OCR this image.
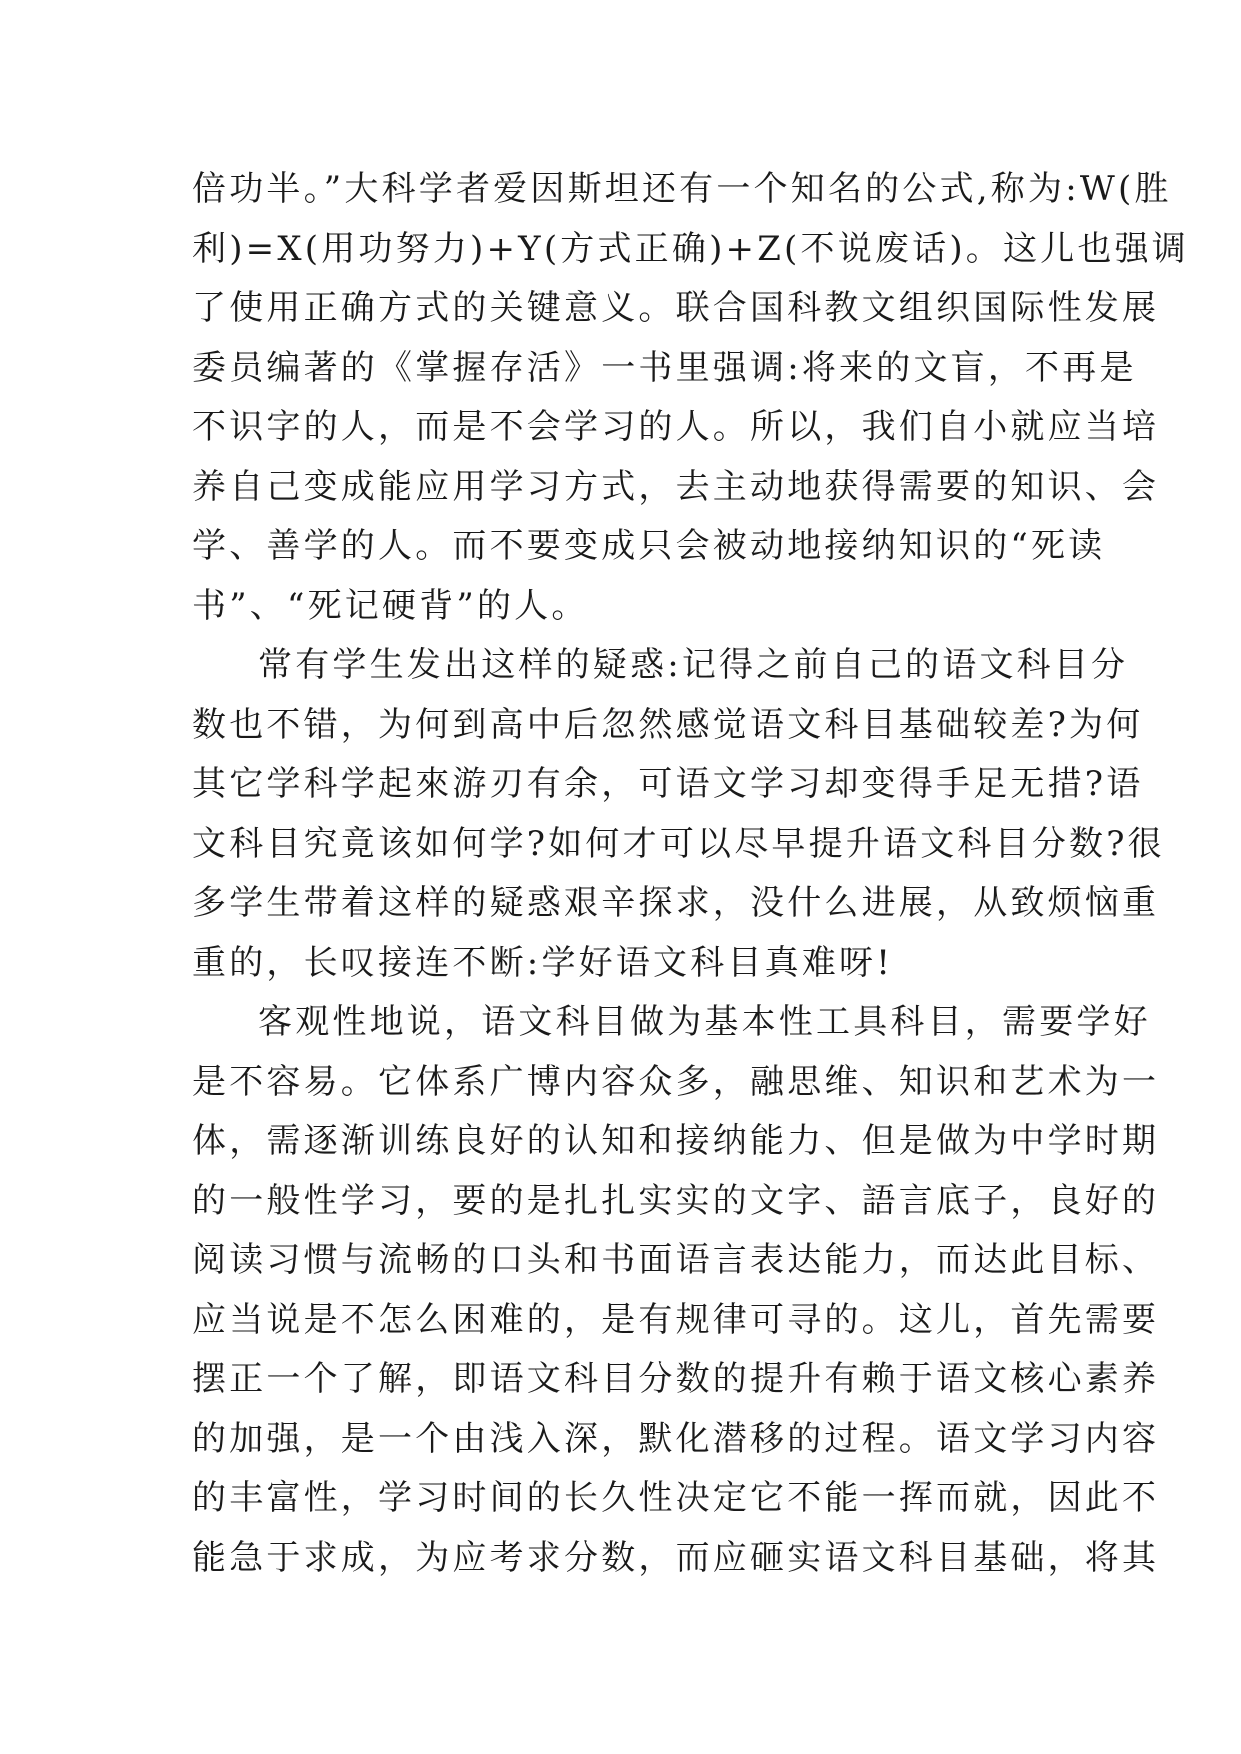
倍功半。”大科学者爱因斯坦还有一个知名的公式,称为:W(胜
利)=X(用功努力)+Y(方式正确)+Z(不说废话)。这儿也强调
了使用正确方式的关键意义。联合国科教文组织国际性发展
委员编著的《掌握存活》一书里强调:将来的文盲，不再是
不识字的人，而是不会学习的人。所以，我们自小就应当培
养自己变成能应用学习方式，去主动地获得需要的知识、会
学、善学的人。而不要变成只会被动地接纳知识的“死读
书”、“死记硬背”的人。
常有学生发出这样的疑惑:记得之前自己的语文科目分
数也不错，为何到高中后忽然感觉语文科目基础较差?为何
其它学科学起來游刃有余，可语文学习却变得手足无措?语
文科目究竟该如何学?如何才可以尽早提升语文科目分数?很
多学生带着这样的疑惑艰辛探求，没什么进展，从致烦恼重
重的，长叹接连不断:学好语文科目真难呀!
客观性地说，语文科目做为基本性工具科目，需要学好
是不容易。它体系广博内容众多，融思维、知识和艺术为一
体，需逐渐训练良好的认知和接纳能力、但是做为中学时期
的一般性学习，要的是扎扎实实的文字、語言底子，良好的
阅读习惯与流畅的口头和书面语言表达能力，而达此目标、
应当说是不怎么困难的，是有规律可寻的。这儿，首先需要
摆正一个了解，即语文科目分数的提升有赖于语文核心素养
的加强，是一个由浅入深，默化潜移的过程。语文学习内容
的丰富性，学习时间的长久性决定它不能一挥而就，因此不
能急于求成，为应考求分数，而应砸实语文科目基础，将其
